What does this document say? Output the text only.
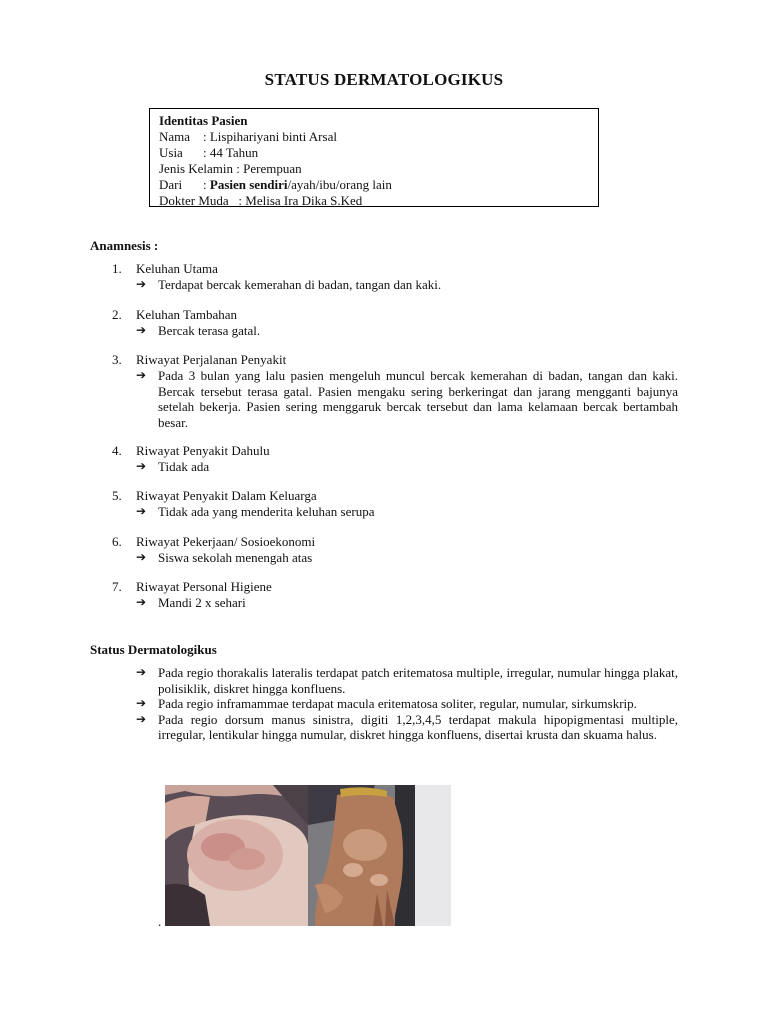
STATUS DERMATOLOGIKUS
Identitas Pasien
Nama : Lispihariyani binti Arsal
Usia : 44 Tahun
Jenis Kelamin : Perempuan
Dari : Pasien sendiri/ayah/ibu/orang lain
Dokter Muda   : Melisa Ira Dika S.Ked
Anamnesis :
1.	Keluhan Utama
➔ Terdapat bercak kemerahan di badan, tangan dan kaki.
2.	Keluhan Tambahan
➔ Bercak terasa gatal.
3.	Riwayat Perjalanan Penyakit
➔ Pada 3 bulan yang lalu pasien mengeluh muncul bercak kemerahan di badan, tangan dan kaki. Bercak tersebut terasa gatal. Pasien mengaku sering berkeringat dan jarang mengganti bajunya setelah bekerja. Pasien sering menggaruk bercak tersebut dan lama kelamaan bercak bertambah besar.
4.	Riwayat Penyakit Dahulu
➔ Tidak ada
5.	Riwayat Penyakit Dalam Keluarga
➔ Tidak ada yang menderita keluhan serupa
6.	Riwayat Pekerjaan/ Sosioekonomi
➔ Siswa sekolah menengah atas
7.	Riwayat Personal Higiene
➔ Mandi 2 x sehari
Status Dermatologikus
➔ Pada regio thorakalis lateralis terdapat patch eritematosa multiple, irregular, numular hingga plakat, polisiklik, diskret hingga konfluens.
➔ Pada regio inframammae terdapat macula eritematosa soliter, regular, numular, sirkumskrip.
➔ Pada regio dorsum manus sinistra, digiti 1,2,3,4,5 terdapat makula hipopigmentasi multiple, irregular, lentikular hingga numular, diskret hingga konfluens, disertai krusta dan skuama halus.
.
